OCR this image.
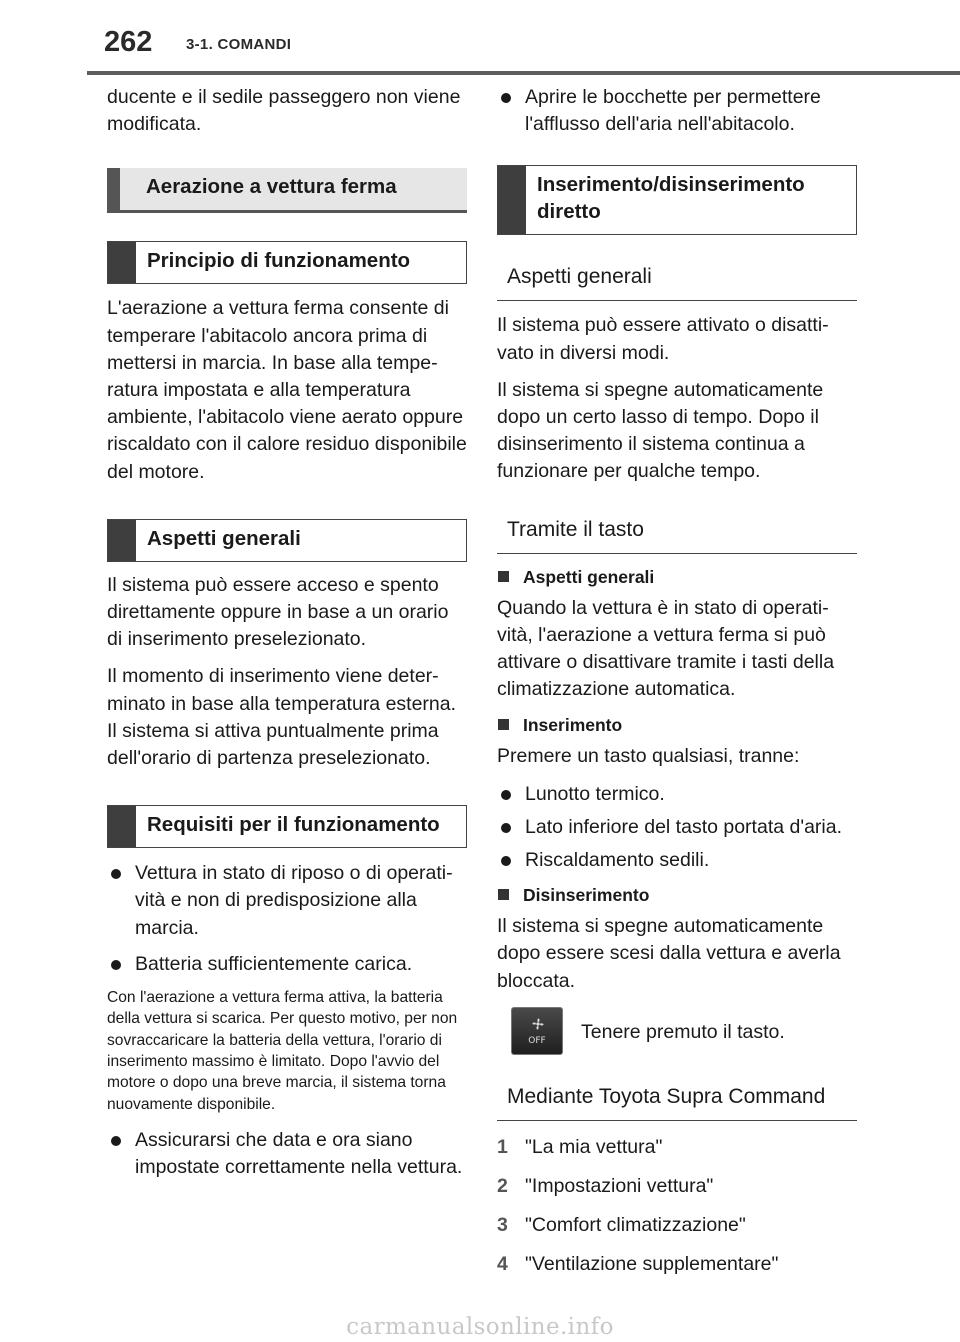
262 3-1. COMANDI

ducente e il sedile passeggero non viene modificata.

Aerazione a vettura ferma
Principio di funzionamento

L'aerazione a vettura ferma consente di temperare l'abitacolo ancora prima di mettersi in marcia. In base alla temperatura impostata e alla temperatura ambiente, l'abitacolo viene aerato oppure riscaldato con il calore residuo disponibile del motore.

Aspetti generali

Il sistema può essere acceso e spento direttamente oppure in base a un orario di inserimento preselezionato.

Il momento di inserimento viene determinato in base alla temperatura esterna. Il sistema si attiva puntualmente prima dell'orario di partenza preselezionato.

Requisiti per il funzionamento
Vettura in stato di riposo o di operatività e non di predisposizione alla marcia.
Batteria sufficientemente carica.

Con l'aerazione a vettura ferma attiva, la batteria della vettura si scarica. Per questo motivo, per non sovraccaricare la batteria della vettura, l'orario di inserimento massimo è limitato. Dopo l'avvio del motore o dopo una breve marcia, il sistema torna nuovamente disponibile.

Assicurarsi che data e ora siano impostate correttamente nella vettura.
Aprire le bocchette per permettere l'afflusso dell'aria nell'abitacolo.
Inserimento/disinserimento diretto
Aspetti generali

Il sistema può essere attivato o disattivato in diversi modi.

Il sistema si spegne automaticamente dopo un certo lasso di tempo. Dopo il disinserimento il sistema continua a funzionare per qualche tempo.

Tramite il tasto
Aspetti generali

Quando la vettura è in stato di operatività, l'aerazione a vettura ferma si può attivare o disattivare tramite i tasti della climatizzazione automatica.

Inserimento

Premere un tasto qualsiasi, tranne:

Lunotto termico.
Lato inferiore del tasto portata d'aria.
Riscaldamento sedili.
Disinserimento

Il sistema si spegne automaticamente dopo essere scesi dalla vettura e averla bloccata.

OFF	Tenere premuto il tasto.
Mediante Toyota Supra Command
1 "La mia vettura"
2 "Impostazioni vettura"
3 "Comfort climatizzazione"
4 "Ventilazione supplementare"
carmanualsonline.info
